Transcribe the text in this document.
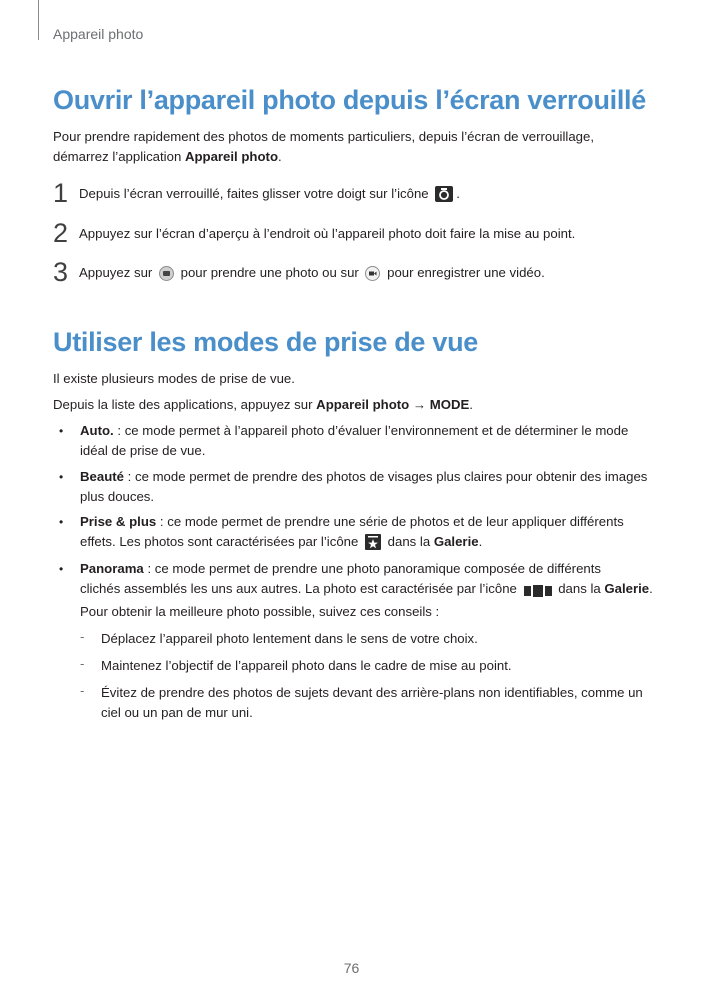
Appareil photo
Ouvrir l’appareil photo depuis l’écran verrouillé
Pour prendre rapidement des photos de moments particuliers, depuis l’écran de verrouillage,
démarrez l’application Appareil photo.
1 Depuis l’écran verrouillé, faites glisser votre doigt sur l’icône .
2 Appuyez sur l’écran d’aperçu à l’endroit où l’appareil photo doit faire la mise au point.
3 Appuyez sur  pour prendre une photo ou sur  pour enregistrer une vidéo.
Utiliser les modes de prise de vue
Il existe plusieurs modes de prise de vue.
Depuis la liste des applications, appuyez sur Appareil photo → MODE.
• Auto. : ce mode permet à l’appareil photo d’évaluer l’environnement et de déterminer le mode
idéal de prise de vue.
• Beauté : ce mode permet de prendre des photos de visages plus claires pour obtenir des images
plus douces.
• Prise & plus : ce mode permet de prendre une série de photos et de leur appliquer différents
effets. Les photos sont caractérisées par l’icône  dans la Galerie.
• Panorama : ce mode permet de prendre une photo panoramique composée de différents
clichés assemblés les uns aux autres. La photo est caractérisée par l’icône	dans la Galerie.
Pour obtenir la meilleure photo possible, suivez ces conseils :
- Déplacez l’appareil photo lentement dans le sens de votre choix.
- Maintenez l’objectif de l’appareil photo dans le cadre de mise au point.
- Évitez de prendre des photos de sujets devant des arrière-plans non identifiables, comme un
ciel ou un pan de mur uni.
76
